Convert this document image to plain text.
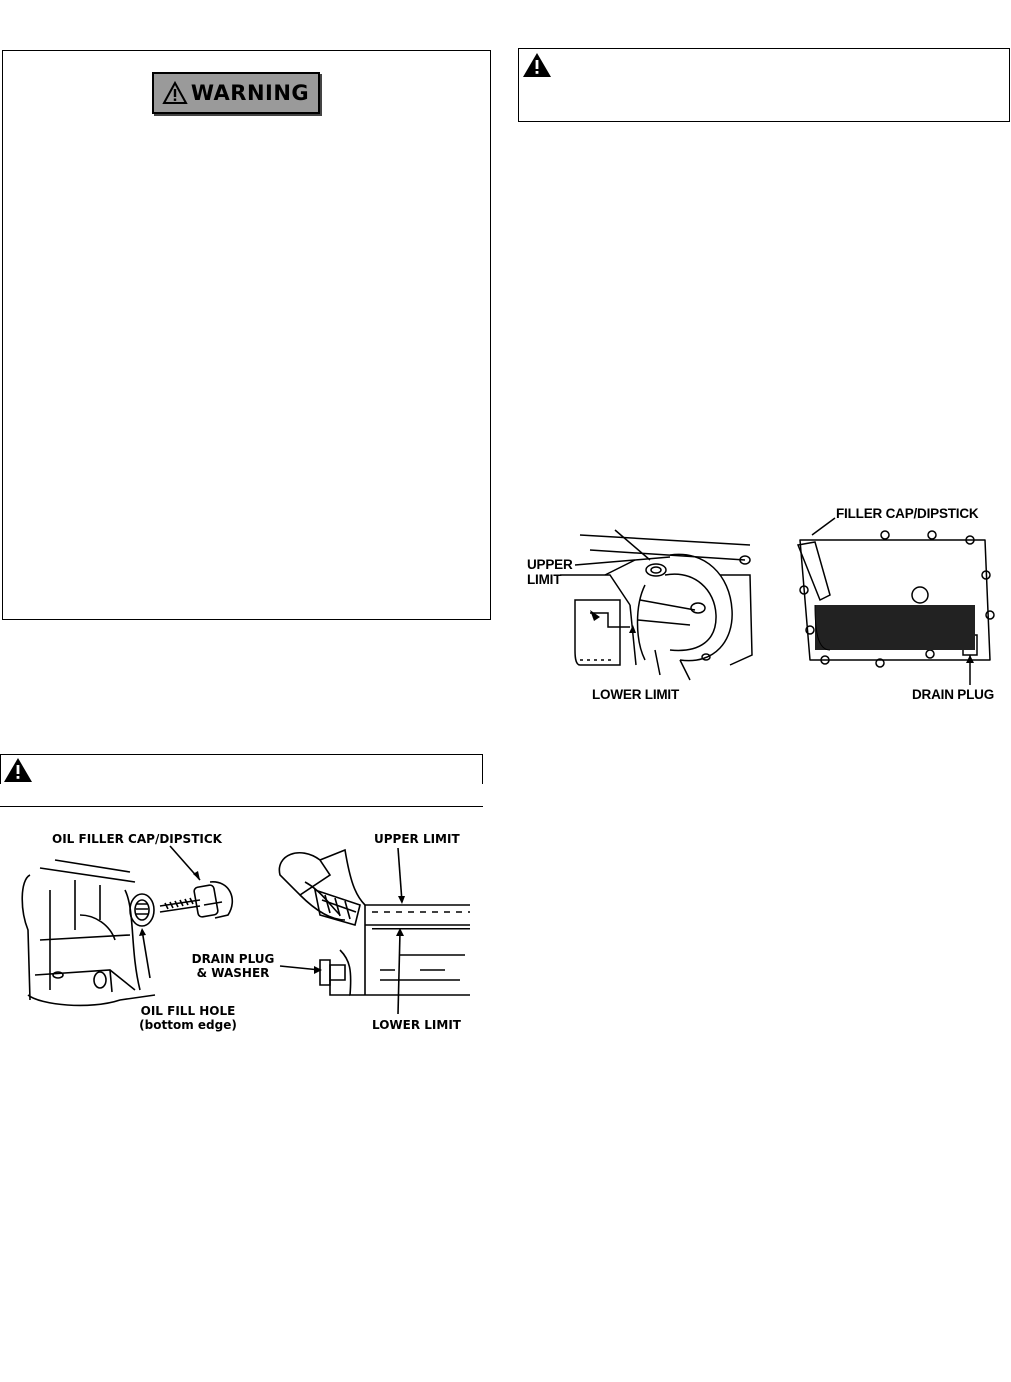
WARNING
OIL FILLER CAP/DIPSTICK	UPPER LIMIT
DRAIN PLUG
& WASHER
OIL FILL HOLE
(bottom edge)	LOWER LIMIT
UPPER
LIMIT
LOWER LIMIT
FILLER CAP/DIPSTICK
DRAIN PLUG
